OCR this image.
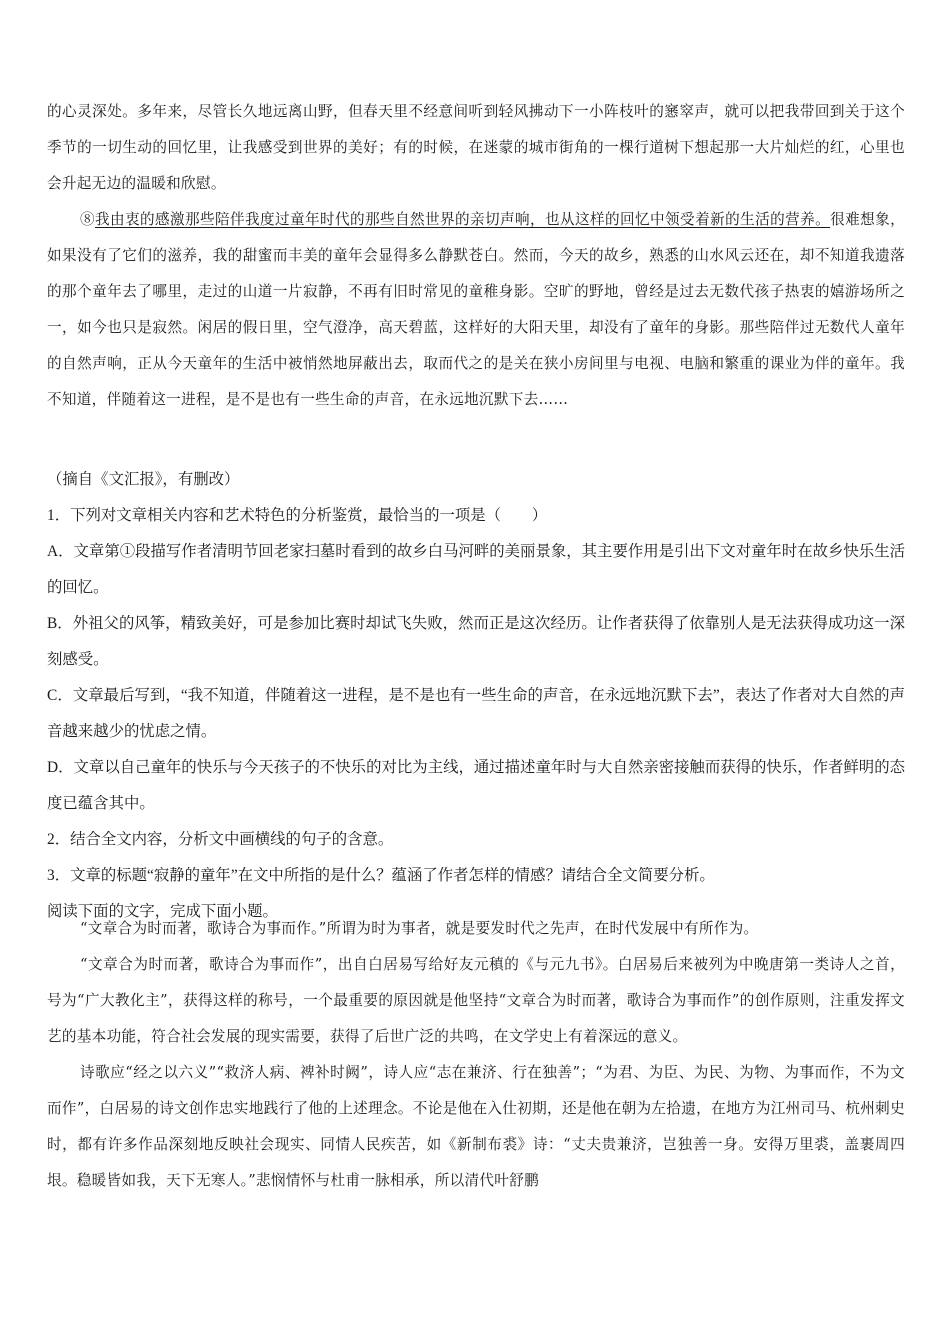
的心灵深处。多年来，尽管长久地远离山野，但春天里不经意间听到轻风拂动下一小阵枝叶的窸窣声，就可以把我带回到关于这个季节的一切生动的回忆里，让我感受到世界的美好；有的时候，在迷蒙的城市街角的一棵行道树下想起那一大片灿烂的红，心里也会升起无边的温暖和欣慰。

⑧我由衷的感激那些陪伴我度过童年时代的那些自然世界的亲切声响，也从这样的回忆中领受着新的生活的营养。很难想象，如果没有了它们的滋养，我的甜蜜而丰美的童年会显得多么静默苍白。然而，今天的故乡，熟悉的山水风云还在，却不知道我遗落的那个童年去了哪里，走过的山道一片寂静，不再有旧时常见的童稚身影。空旷的野地，曾经是过去无数代孩子热衷的嬉游场所之一，如今也只是寂然。闲居的假日里，空气澄净，高天碧蓝，这样好的大阳天里，却没有了童年的身影。那些陪伴过无数代人童年的自然声响，正从今天童年的生活中被悄然地屏蔽出去，取而代之的是关在狭小房间里与电视、电脑和繁重的课业为伴的童年。我不知道，伴随着这一进程，是不是也有一些生命的声音，在永远地沉默下去……

（摘自《文汇报》，有删改）

1．下列对文章相关内容和艺术特色的分析鉴赏，最恰当的一项是（　　）

A．文章第①段描写作者清明节回老家扫墓时看到的故乡白马河畔的美丽景象，其主要作用是引出下文对童年时在故乡快乐生活的回忆。

B．外祖父的风筝，精致美好，可是参加比赛时却试飞失败，然而正是这次经历。让作者获得了依靠别人是无法获得成功这一深刻感受。

C．文章最后写到，“我不知道，伴随着这一进程，是不是也有一些生命的声音，在永远地沉默下去”，表达了作者对大自然的声音越来越少的忧虑之情。

D．文章以自己童年的快乐与今天孩子的不快乐的对比为主线，通过描述童年时与大自然亲密接触而获得的快乐，作者鲜明的态度已蕴含其中。

2．结合全文内容，分析文中画横线的句子的含意。

3．文章的标题“寂静的童年”在文中所指的是什么？蕴涵了作者怎样的情感？请结合全文简要分析。

阅读下面的文字，完成下面小题。

“文章合为时而著，歌诗合为事而作。”所谓为时为事者，就是要发时代之先声，在时代发展中有所作为。

“文章合为时而著，歌诗合为事而作”，出自白居易写给好友元稹的《与元九书》。白居易后来被列为中晚唐第一类诗人之首，号为“广大教化主”，获得这样的称号，一个最重要的原因就是他坚持“文章合为时而著，歌诗合为事而作”的创作原则，注重发挥文艺的基本功能，符合社会发展的现实需要，获得了后世广泛的共鸣，在文学史上有着深远的意义。

诗歌应“经之以六义”“救济人病、裨补时阙”，诗人应“志在兼济、行在独善”；“为君、为臣、为民、为物、为事而作，不为文而作”，白居易的诗文创作忠实地践行了他的上述理念。不论是他在入仕初期，还是他在朝为左拾遗，在地方为江州司马、杭州刺史时，都有许多作品深刻地反映社会现实、同情人民疾苦，如《新制布裘》诗：“丈夫贵兼济，岂独善一身。安得万里裘，盖裹周四垠。稳暖皆如我，天下无寒人。”悲悯情怀与杜甫一脉相承，所以清代叶舒鹏
